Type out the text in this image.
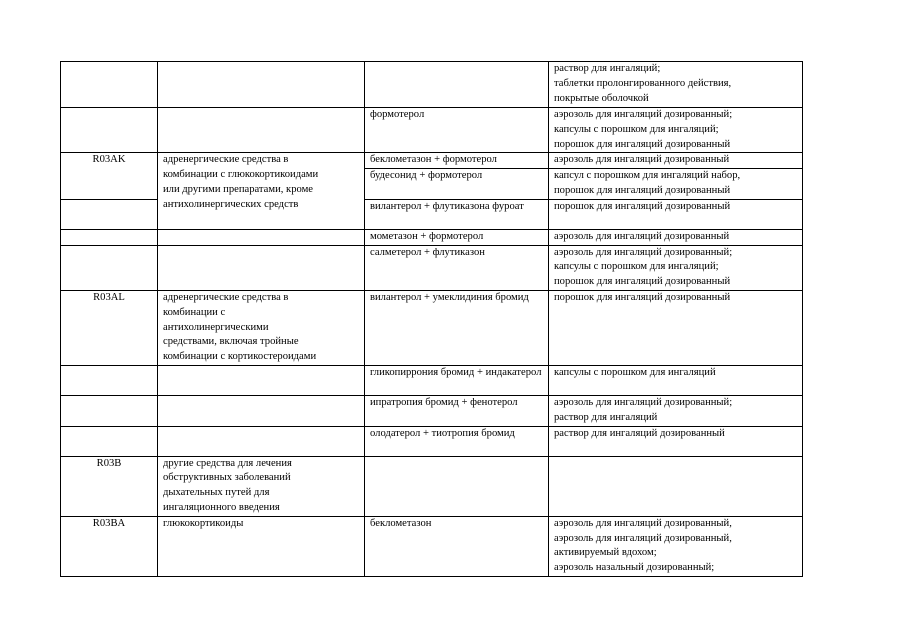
			раствор для ингаляций;
таблетки пролонгированного действия,
покрытые оболочкой

		формотерол	аэрозоль для ингаляций дозированный;
капсулы с порошком для ингаляций;
порошок для ингаляций дозированный

R03AK	адренергические средства в
комбинации с глюкокортикоидами
или другими препаратами, кроме
антихолинергических средств	беклометазон + формотерол	аэрозоль для ингаляций дозированный

		будесонид + формотерол	капсул с порошком для ингаляций набор,
порошок для ингаляций дозированный

		вилантерол + флутиказона фуроат	порошок для ингаляций дозированный

		мометазон + формотерол	аэрозоль для ингаляций дозированный

		салметерол + флутиказон	аэрозоль для ингаляций дозированный;
капсулы с порошком для ингаляций;
порошок для ингаляций дозированный

R03AL	адренергические средства в
комбинации с
антихолинергическими
средствами, включая тройные
комбинации с кортикостероидами	вилантерол + умеклидиния бромид	порошок для ингаляций дозированный

		гликопиррония бромид + индакатерол	капсулы с порошком для ингаляций

		ипратропия бромид + фенотерол	аэрозоль для ингаляций дозированный;
раствор для ингаляций

		олодатерол + тиотропия бромид	раствор для ингаляций дозированный

R03B	другие средства для лечения
обструктивных заболеваний
дыхательных путей для
ингаляционного введения		

R03BA	глюкокортикоиды	беклометазон	аэрозоль для ингаляций дозированный,
аэрозоль для ингаляций дозированный,
активируемый вдохом;
аэрозоль назальный дозированный;
